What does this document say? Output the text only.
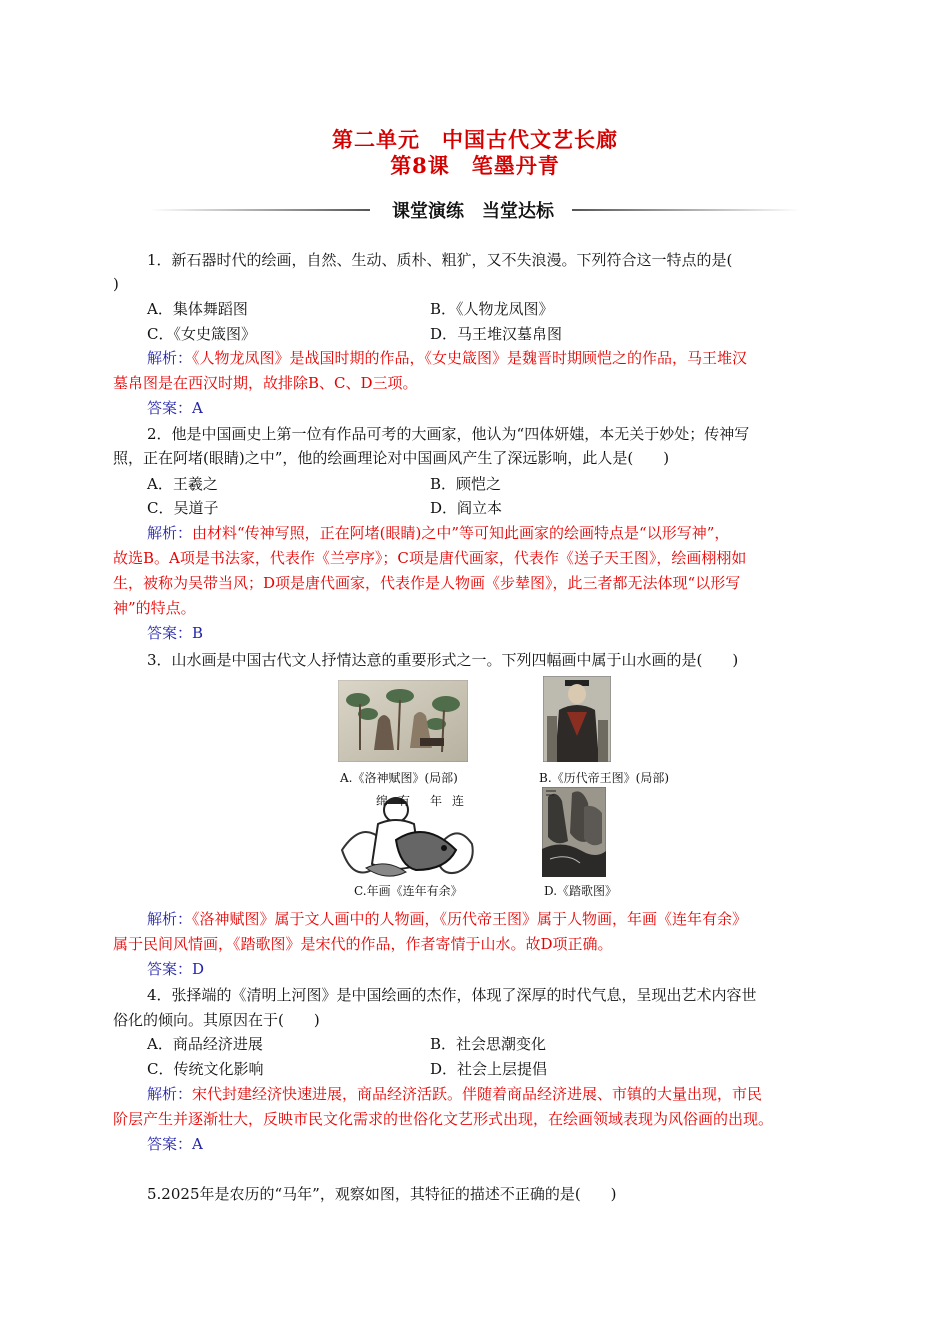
第二单元　中国古代文艺长廊
第8课　笔墨丹青
课堂演练　当堂达标
1．新石器时代的绘画，自然、生动、质朴、粗犷，又不失浪漫。下列符合这一特点的是(
)
A．集体舞蹈图	B．《人物龙凤图》
C．《女史箴图》	D．马王堆汉墓帛图
解析：《人物龙凤图》是战国时期的作品，《女史箴图》是魏晋时期顾恺之的作品，马王堆汉
墓帛图是在西汉时期，故排除B、C、D三项。
答案：A
2．他是中国画史上第一位有作品可考的大画家，他认为“四体妍媸，本无关于妙处；传神写
照，正在阿堵(眼睛)之中”，他的绘画理论对中国画风产生了深远影响，此人是(　　)
A．王羲之	B．顾恺之
C．吴道子	D．阎立本
解析：由材料“传神写照，正在阿堵(眼睛)之中”等可知此画家的绘画特点是“以形写神”，
故选B。A项是书法家，代表作《兰亭序》；C项是唐代画家，代表作《送子天王图》，绘画栩栩如
生，被称为吴带当风；D项是唐代画家，代表作是人物画《步辇图》，此三者都无法体现“以形写
神”的特点。
答案：B
3．山水画是中国古代文人抒情达意的重要形式之一。下列四幅画中属于山水画的是(　　)
A.《洛神赋图》(局部)	B.《历代帝王图》(局部)
绵有 年连
C.年画《连年有余》	D.《踏歌图》
解析：《洛神赋图》属于文人画中的人物画，《历代帝王图》属于人物画，年画《连年有余》
属于民间风情画，《踏歌图》是宋代的作品，作者寄情于山水。故D项正确。
答案：D
4．张择端的《清明上河图》是中国绘画的杰作，体现了深厚的时代气息，呈现出艺术内容世
俗化的倾向。其原因在于(　　)
A．商品经济进展	B．社会思潮变化
C．传统文化影响	D．社会上层提倡
解析：宋代封建经济快速进展，商品经济活跃。伴随着商品经济进展、市镇的大量出现，市民
阶层产生并逐渐壮大，反映市民文化需求的世俗化文艺形式出现，在绘画领域表现为风俗画的出现。
答案：A
5.2025年是农历的“马年”，观察如图，其特征的描述不正确的是(　　)
